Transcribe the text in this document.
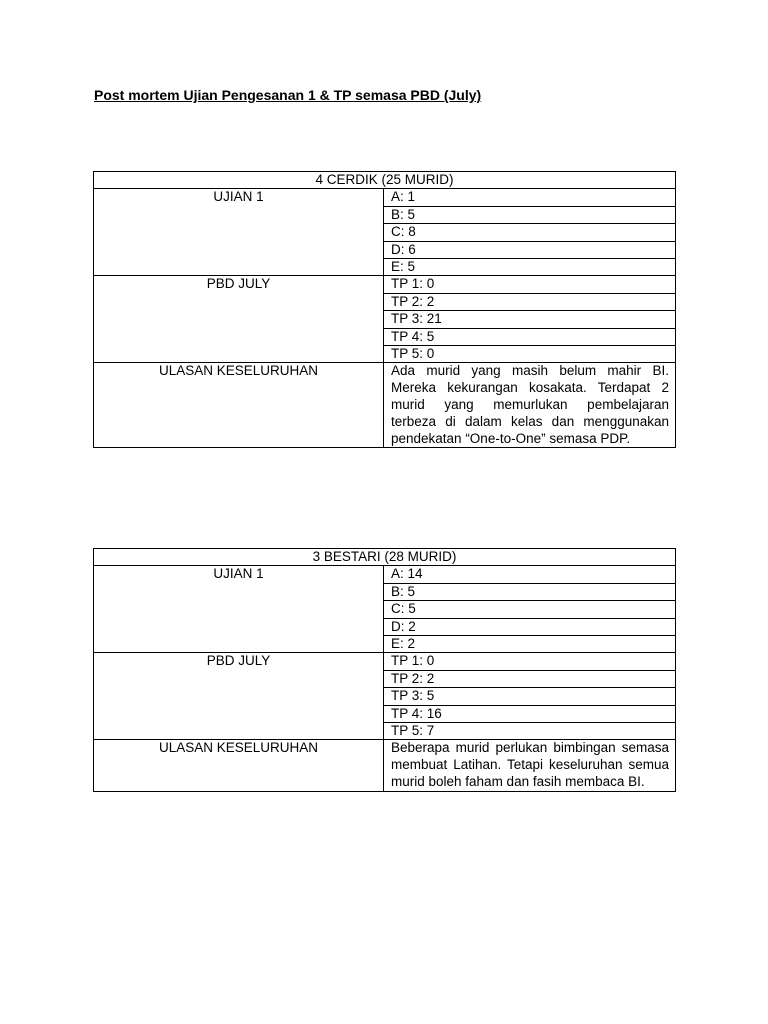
Post mortem Ujian Pengesanan 1 & TP semasa PBD (July)
4 CERDIK (25 MURID)	
UJIAN 1	A: 1
	B: 5
	C: 8
	D: 6
	E: 5
PBD JULY	TP 1: 0
	TP 2: 2
	TP 3: 21
	TP 4: 5
	TP 5: 0
ULASAN KESELURUHAN	Ada murid yang masih belum mahir BI. Mereka kekurangan kosakata. Terdapat 2 murid yang memurlukan pembelajaran terbeza di dalam kelas dan menggunakan pendekatan “One-to-One” semasa PDP.
3 BESTARI (28 MURID)	
UJIAN 1	A: 14
	B: 5
	C: 5
	D: 2
	E: 2
PBD JULY	TP 1: 0
	TP 2: 2
	TP 3: 5
	TP 4: 16
	TP 5: 7
ULASAN KESELURUHAN	Beberapa murid perlukan bimbingan semasa membuat Latihan. Tetapi keseluruhan semua murid boleh faham dan fasih membaca BI.
